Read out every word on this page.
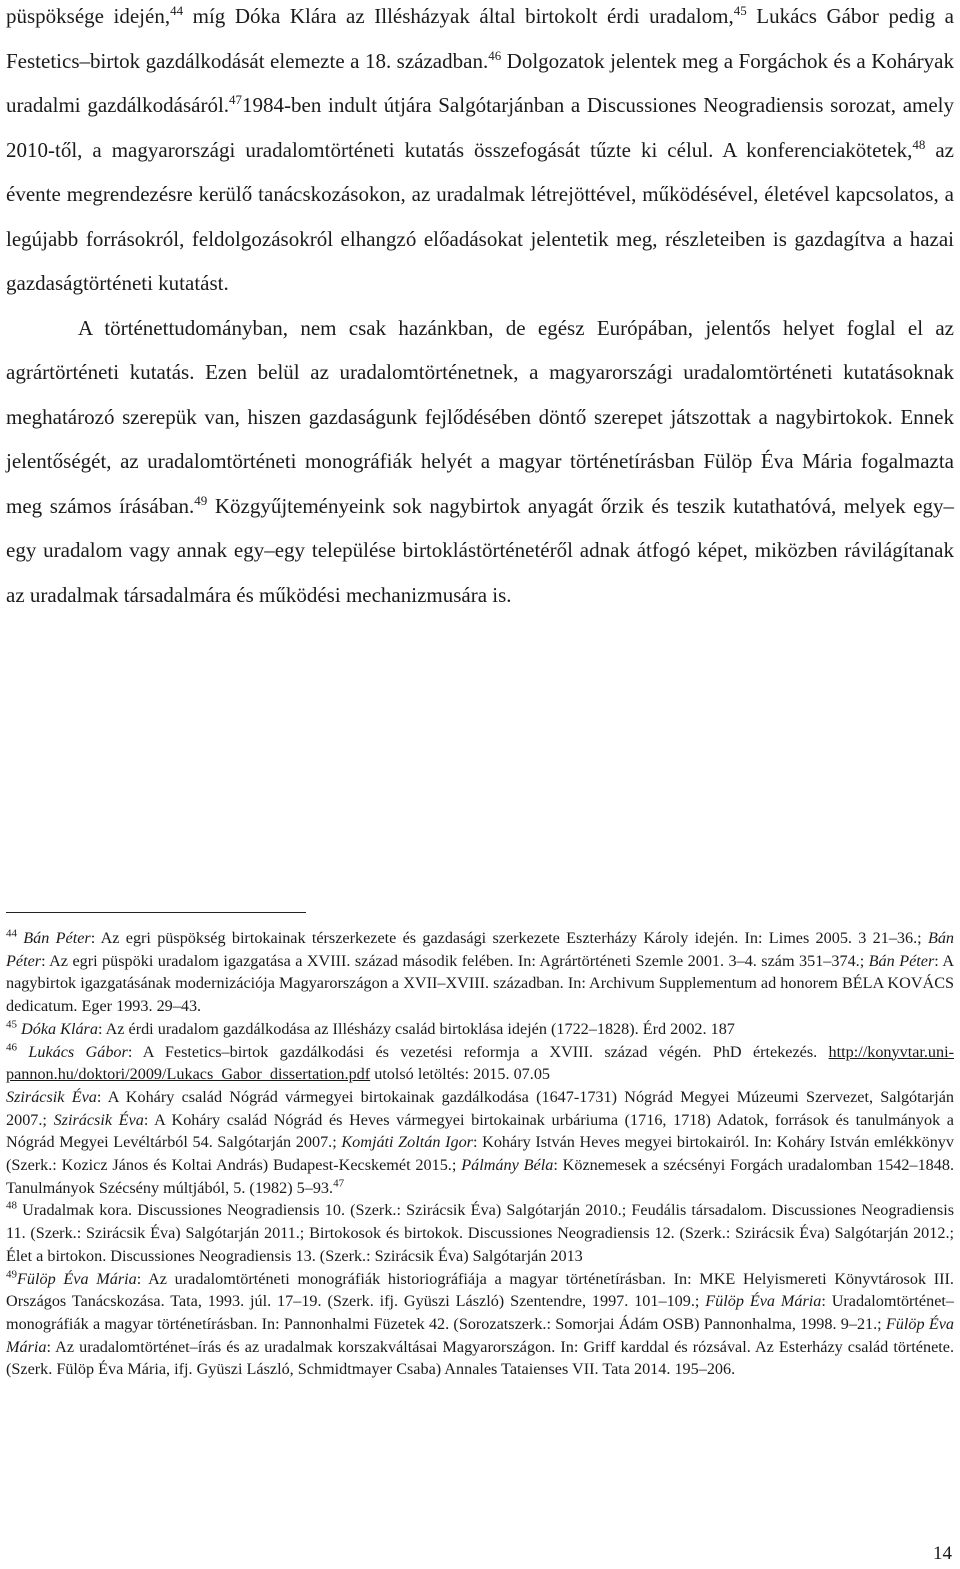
püspöksége idején,$^{44}$ míg Dóka Klára az Illésházyak által birtokolt érdi uradalom,$^{45}$ Lukács Gábor pedig a Festetics–birtok gazdálkodását elemezte a 18. században.$^{46}$ Dolgozatok jelentek meg a Forgáchok és a Koháryak uradalmi gazdálkodásáról.$^{47}$1984-ben indult útjára Salgótarjánban a Discussiones Neogradiensis sorozat, amely 2010-től, a magyarországi uradalomtörténeti kutatás összefogását tűzte ki célul. A konferenciakötetek,$^{48}$ az évente megrendezésre kerülő tanácskozásokon, az uradalmak létrejöttével, működésével, életével kapcsolatos, a legújabb forrásokról, feldolgozásokról elhangzó előadásokat jelentetik meg, részleteiben is gazdagítva a hazai gazdaságtörténeti kutatást.

A történettudományban, nem csak hazánkban, de egész Európában, jelentős helyet foglal el az agrártörténeti kutatás. Ezen belül az uradalomtörténetnek, a magyarországi uradalomtörténeti kutatásoknak meghatározó szerepük van, hiszen gazdaságunk fejlődésében döntő szerepet játszottak a nagybirtokok. Ennek jelentőségét, az uradalomtörténeti monográfiák helyét a magyar történetírásban Fülöp Éva Mária fogalmazta meg számos írásában.$^{49}$ Közgyűjteményeink sok nagybirtok anyagát őrzik és teszik kutathatóvá, melyek egy–egy uradalom vagy annak egy–egy települése birtoklástörténetéről adnak átfogó képet, miközben rávilágítanak az uradalmak társadalmára és működési mechanizmusára is.

$^{44}$ Bán Péter: Az egri püspökség birtokainak térszerkezete és gazdasági szerkezete Eszterházy Károly idején. In: Limes 2005. 3 21–36.; Bán Péter: Az egri püspöki uradalom igazgatása a XVIII. század második felében. In: Agrártörténeti Szemle 2001. 3–4. szám 351–374.; Bán Péter: A nagybirtok igazgatásának modernizációja Magyarországon a XVII–XVIII. században. In: Archivum Supplementum ad honorem BÉLA KOVÁCS dedicatum. Eger 1993. 29–43.

$^{45}$ Dóka Klára: Az érdi uradalom gazdálkodása az Illésházy család birtoklása idején (1722–1828). Érd 2002. 187

$^{46}$ Lukács Gábor: A Festetics–birtok gazdálkodási és vezetési reformja a XVIII. század végén. PhD értekezés. http://konyvtar.uni-pannon.hu/doktori/2009/Lukacs_Gabor_dissertation.pdf utolsó letöltés: 2015. 07.05

Szirácsik Éva: A Koháry család Nógrád vármegyei birtokainak gazdálkodása (1647-1731) Nógrád Megyei Múzeumi Szervezet, Salgótarján 2007.; Szirácsik Éva: A Koháry család Nógrád és Heves vármegyei birtokainak urbáriuma (1716, 1718) Adatok, források és tanulmányok a Nógrád Megyei Levéltárból 54. Salgótarján 2007.; Komjáti Zoltán Igor: Koháry István Heves megyei birtokairól. In: Koháry István emlékkönyv (Szerk.: Kozicz János és Koltai András) Budapest-Kecskemét 2015.; Pálmány Béla: Köznemesek a szécsényi Forgách uradalomban 1542–1848. Tanulmányok Szécsény múltjából, 5. (1982) 5–93.47

$^{48}$ Uradalmak kora. Discussiones Neogradiensis 10. (Szerk.: Szirácsik Éva) Salgótarján 2010.; Feudális társadalom. Discussiones Neogradiensis 11. (Szerk.: Szirácsik Éva) Salgótarján 2011.; Birtokosok és birtokok. Discussiones Neogradiensis 12. (Szerk.: Szirácsik Éva) Salgótarján 2012.; Élet a birtokon. Discussiones Neogradiensis 13. (Szerk.: Szirácsik Éva) Salgótarján 2013

$^{49}$Fülöp Éva Mária: Az uradalomtörténeti monográfiák historiográfiája a magyar történetírásban. In: MKE Helyismereti Könyvtárosok III. Országos Tanácskozása. Tata, 1993. júl. 17–19. (Szerk. ifj. Gyüszi László) Szentendre, 1997. 101–109.; Fülöp Éva Mária: Uradalomtörténet–monográfiák a magyar történetírásban. In: Pannonhalmi Füzetek 42. (Sorozatszerk.: Somorjai Ádám OSB) Pannonhalma, 1998. 9–21.; Fülöp Éva Mária: Az uradalomtörténet–írás és az uradalmak korszakváltásai Magyarországon. In: Griff karddal és rózsával. Az Esterházy család története. (Szerk. Fülöp Éva Mária, ifj. Gyüszi László, Schmidtmayer Csaba) Annales Tataienses VII. Tata 2014. 195–206.

14
